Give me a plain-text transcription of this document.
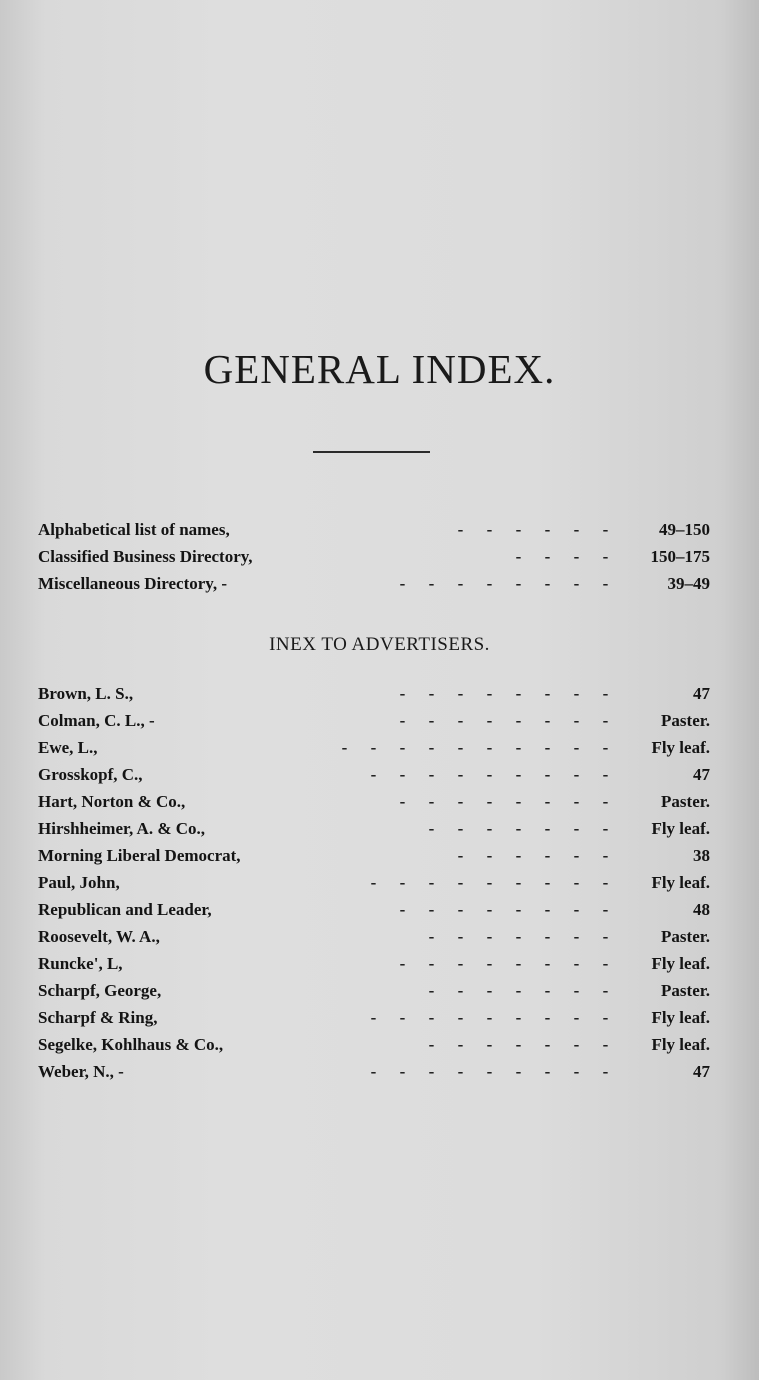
GENERAL INDEX.
Alphabetical list of names,	- - - - - -	49–150
Classified Business Directory,	- - - -	150–175
Miscellaneous Directory, -	- - - - - - - -	39–49
INEX TO ADVERTISERS.
Brown, L. S.,	- - - - - - - -	47
Colman, C. L., -	- - - - - - - -	Paster.
Ewe, L.,	- - - - - - - - - -	Fly leaf.
Grosskopf, C.,	- - - - - - - - -	47
Hart, Norton & Co.,	- - - - - - - -	Paster.
Hirshheimer, A. & Co.,	- - - - - - -	Fly leaf.
Morning Liberal Democrat,	- - - - - -	38
Paul, John,	- - - - - - - - -	Fly leaf.
Republican and Leader,	- - - - - - - -	48
Roosevelt, W. A.,	- - - - - - -	Paster.
Runcke', L,	- - - - - - - -	Fly leaf.
Scharpf, George,	- - - - - - -	Paster.
Scharpf & Ring,	- - - - - - - - -	Fly leaf.
Segelke, Kohlhaus & Co.,	- - - - - - -	Fly leaf.
Weber, N., -	- - - - - - - - -	47
